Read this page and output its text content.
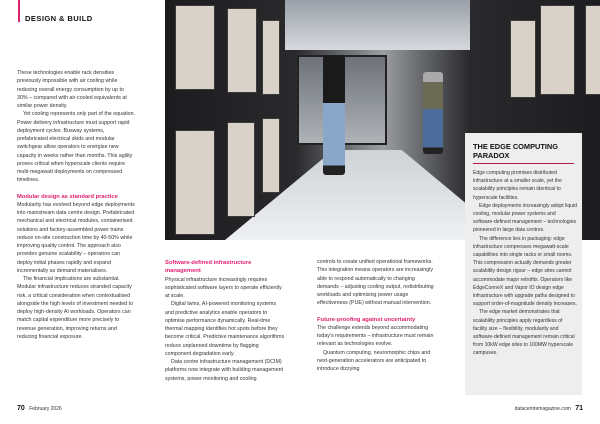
DESIGN & BUILD

These technologies enable rack densities previously impossible with air cooling while reducing overall energy consumption by up to 30% – compared with air-cooled equivalents at similar power density.

Yet cooling represents only part of the equation. Power delivery infrastructure must support rapid deployment cycles. Busway systems, prefabricated electrical skids and modular switchgear allow operators to energise new capacity in weeks rather than months. This agility proves critical when hyperscale clients require multi-megawatt deployments on compressed timelines.

Modular design as standard practice

Modularity has evolved beyond edge deployments into mainstream data centre design. Prefabricated mechanical and electrical modules, containerised solutions and factory-assembled power trains reduce on-site construction time by 40-50% while improving quality control. The approach also provides genuine scalability – operators can deploy initial phases rapidly and expand incrementally as demand materialises.

The financial implications are substantial. Modular infrastructure reduces stranded capacity risk, a critical consideration when contextualised alongside the high levels of investment needed to deploy high-density AI workloads. Operators can match capital expenditure more precisely to revenue generation, improving returns and reducing financial exposure.

Software-defined infrastructure management

Physical infrastructure increasingly requires sophisticated software layers to operate efficiently at scale.

Digital twins, AI-powered monitoring systems and predictive analytics enable operators to optimise performance dynamically. Real-time thermal mapping identifies hot spots before they become critical. Predictive maintenance algorithms reduce unplanned downtime by flagging component degradation early.

Data centre infrastructure management (DCIM) platforms now integrate with building management systems, power monitoring and cooling

controls to create unified operational frameworks. This integration means operators are increasingly able to respond automatically to changing demands – adjusting cooling output, redistributing workloads and optimising power usage effectiveness (PUE) without manual intervention.

Future-proofing against uncertainty

The challenge extends beyond accommodating today's requirements – infrastructure must remain relevant as technologies evolve.

Quantum computing, neuromorphic chips and next-generation accelerators are anticipated to introduce dizzying

THE EDGE COMPUTING PARADOX

Edge computing promises distributed infrastructure at a smaller scale, yet the scalability principles remain identical to hyperscale facilities.

Edge deployments increasingly adopt liquid cooling, modular power systems and software-defined management – technologies pioneered in large data centres.

The difference lies in packaging: edge infrastructure compresses megawatt-scale capabilities into single racks or small rooms. This compression actually demands greater scalability design rigour – edge sites cannot accommodate major retrofits. Operators like EdgeConneX and Vapor IO design edge infrastructure with upgrade paths designed to support order-of-magnitude density increases.

The edge market demonstrates that scalability principles apply regardless of facility size – flexibility, modularity and software-defined management remain critical from 10kW edge sites to 100MW hyperscale campuses.

70 February 2026	datacentremagazine.com 71
